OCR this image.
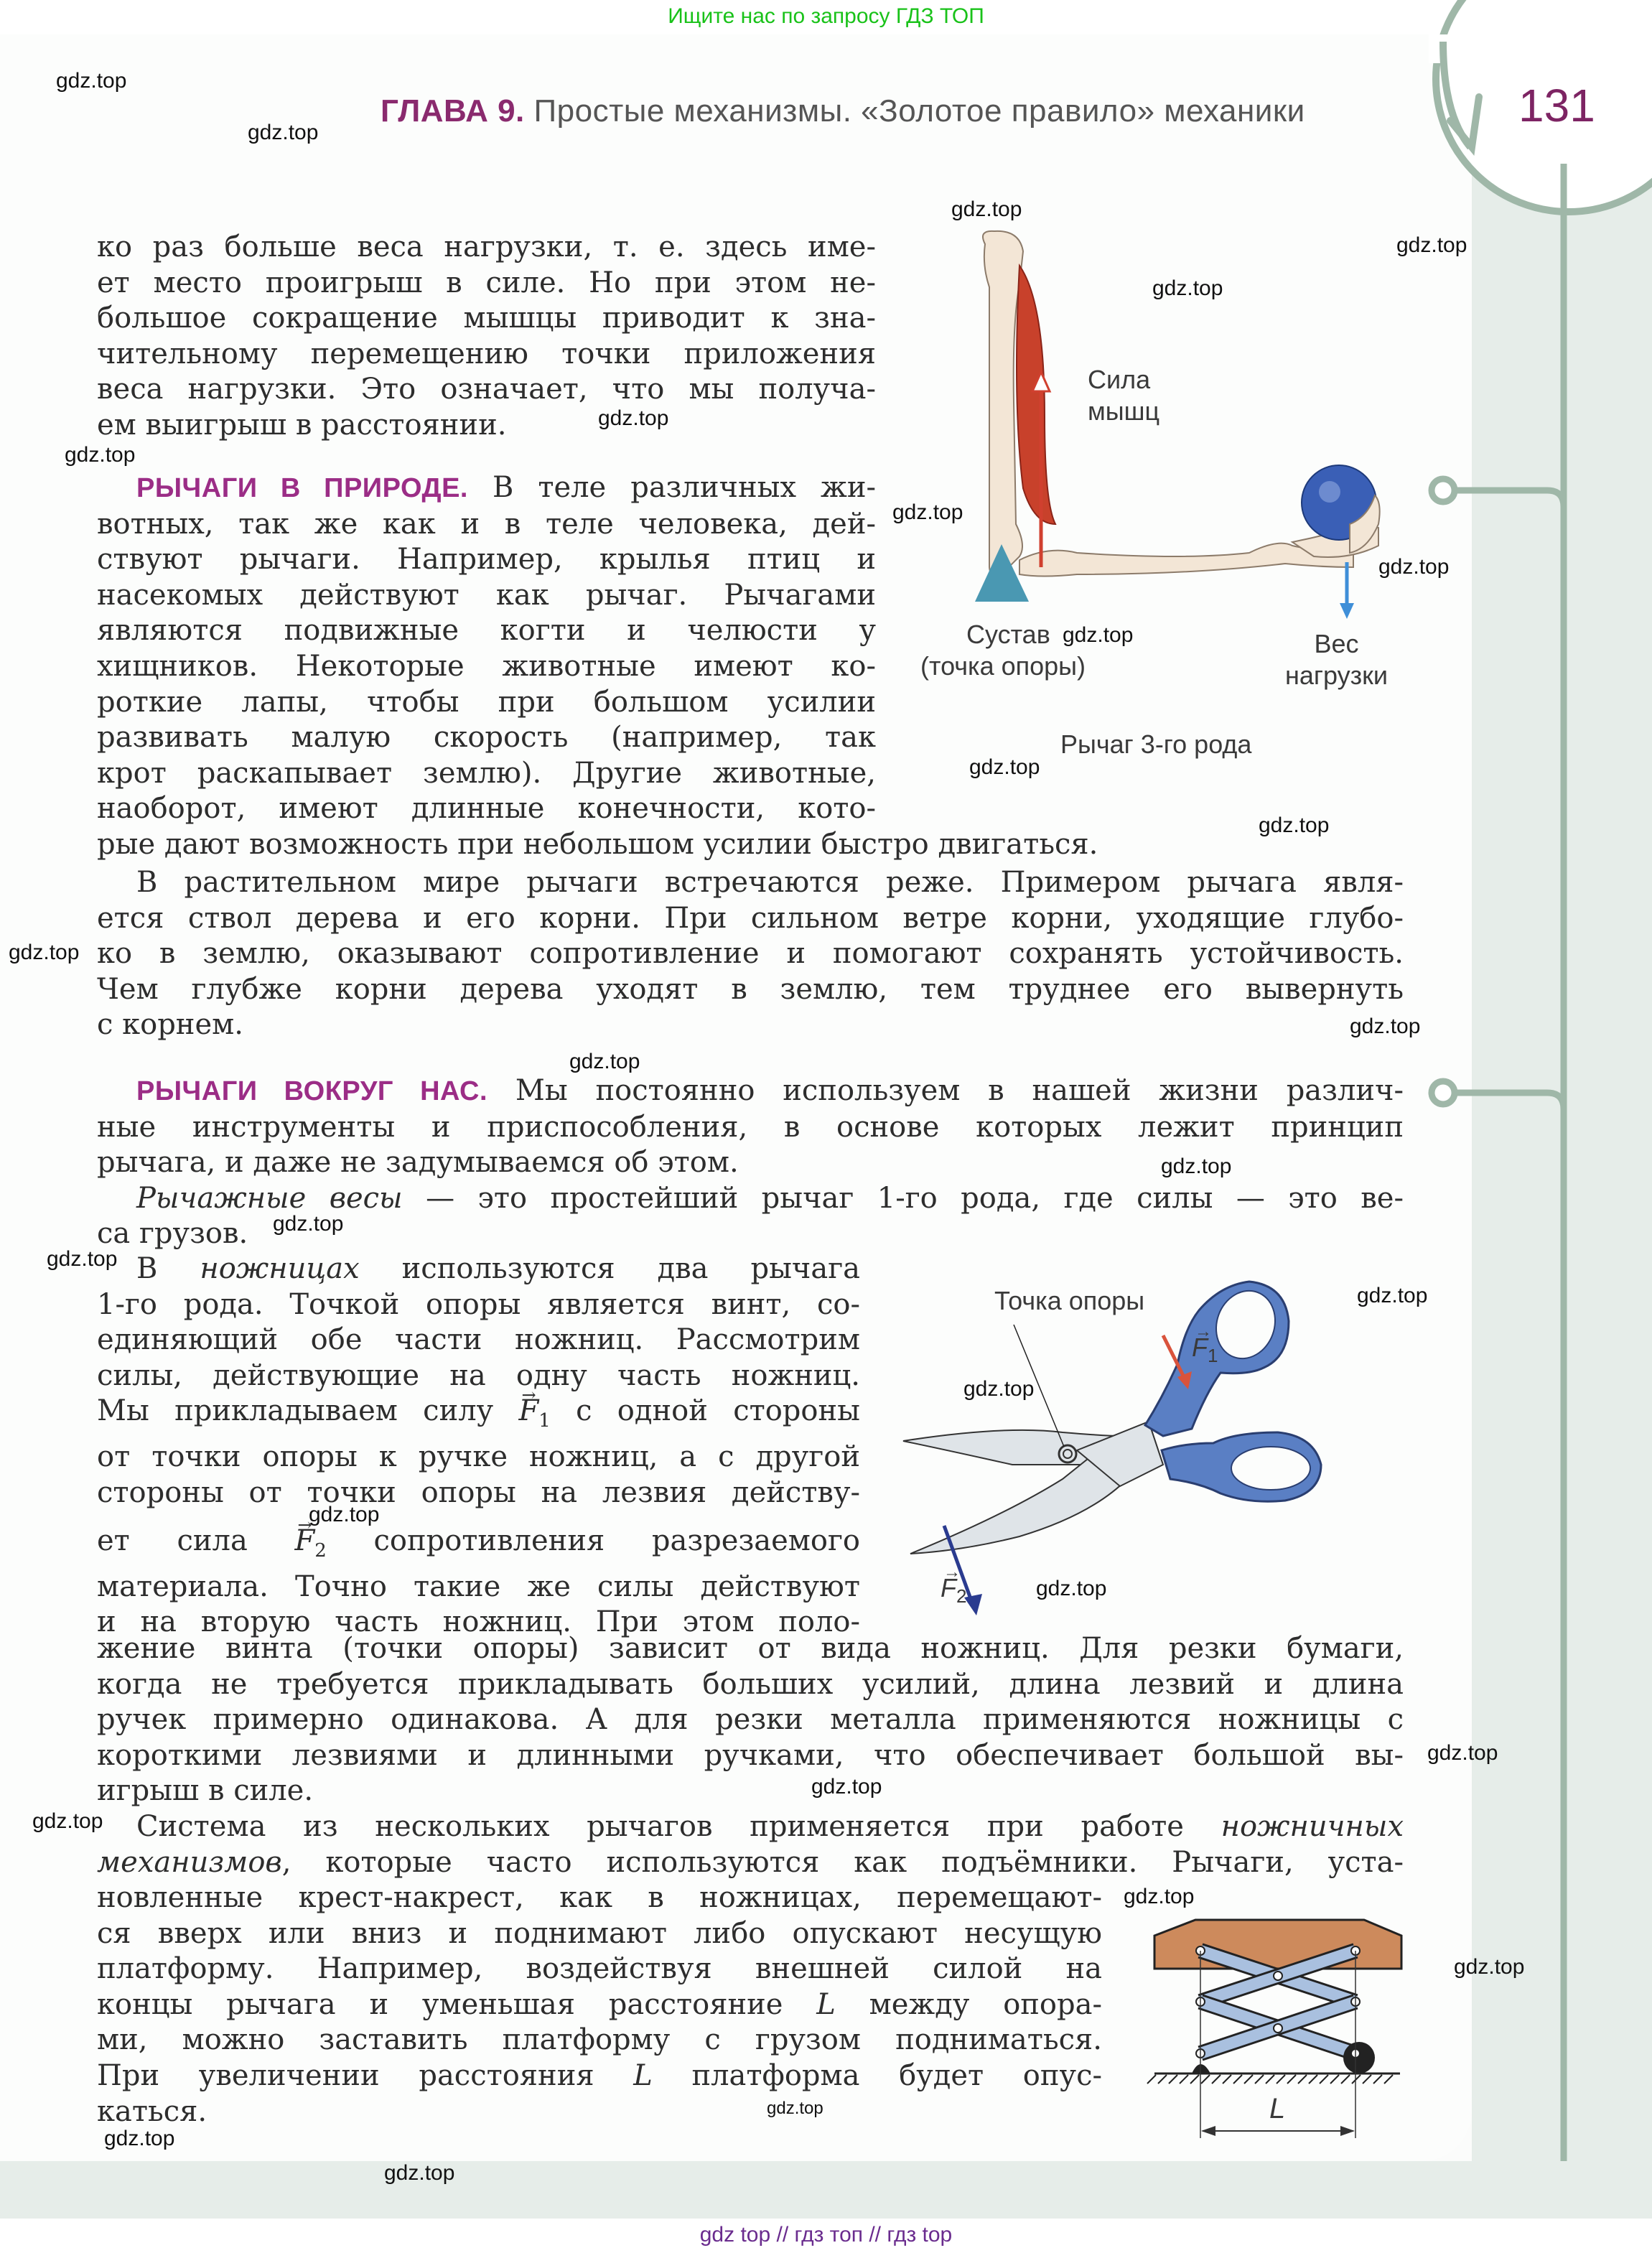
Ищите нас по запросу ГДЗ ТОП
131
ГЛАВА 9. Простые механизмы. «Золотое правило» механики
ко раз больше веса нагрузки, т. е. здесь име-
ет место проигрыш в силе. Но при этом не-
большое сокращение мышцы приводит к зна-
чительному перемещению точки приложения
веса нагрузки. Это означает, что мы получа-
ем выигрыш в расстоянии.
РЫЧАГИ В ПРИРОДЕ. В теле различных жи-
вотных, так же как и в теле человека, дей-
ствуют рычаги. Например, крылья птиц и
насекомых действуют как рычаг. Рычагами
являются подвижные когти и челюсти у
хищников. Некоторые животные имеют ко-
роткие лапы, чтобы при большом усилии
развивать малую скорость (например, так
крот раскапывает землю). Другие животные,
наоборот, имеют длинные конечности, кото-
рые дают возможность при небольшом усилии быстро двигаться.
В растительном мире рычаги встречаются реже. Примером рычага явля-
ется ствол дерева и его корни. При сильном ветре корни, уходящие глубо-
ко в землю, оказывают сопротивление и помогают сохранять устойчивость.
Чем глубже корни дерева уходят в землю, тем труднее его вывернуть
с корнем.
РЫЧАГИ ВОКРУГ НАС. Мы постоянно используем в нашей жизни различ-
ные инструменты и приспособления, в основе которых лежит принцип
рычага, и даже не задумываемся об этом.
Рычажные весы — это простейший рычаг 1-го рода, где силы — это ве-
са грузов.
В ножницах используются два рычага
1-го рода. Точкой опоры является винт, со-
единяющий обе части ножниц. Рассмотрим
силы, действующие на одну часть ножниц.
Мы прикладываем силу → $F_1$ с одной стороны
от точки опоры к ручке ножниц, а с другой
стороны от точки опоры на лезвия действу-
ет сила → $F_2$ сопротивления разрезаемого
материала. Точно такие же силы действуют
и на вторую часть ножниц. При этом поло-
жение винта (точки опоры) зависит от вида ножниц. Для резки бумаги,
когда не требуется прикладывать больших усилий, длина лезвий и длина
ручек примерно одинакова. А для резки металла применяются ножницы с
короткими лезвиями и длинными ручками, что обеспечивает большой вы-
игрыш в силе.
Система из нескольких рычагов применяется при работе ножничных
механизмов, которые часто используются как подъёмники. Рычаги, уста-
новленные крест-накрест, как в ножницах, перемещают-
ся вверх или вниз и поднимают либо опускают несущую
платформу. Например, воздействуя внешней силой на
концы рычага и уменьшая расстояние L между опора-
ми, можно заставить платформу с грузом подниматься.
При увеличении расстояния L платформа будет опус-
каться.
Сила
мышц
Сустав
(точка опоры)
Вес
нагрузки
Рычаг 3-го рода
Точка опоры
→ $F_1$
→ $F_2$
L
gdz.top
gdz.top
gdz.top
gdz.top
gdz.top
gdz.top
gdz.top
gdz.top
gdz.top
gdz.top
gdz.top
gdz.top
gdz.top
gdz.top
gdz.top
gdz.top
gdz.top
gdz.top
gdz.top
gdz.top
gdz.top
gdz.top
gdz.top
gdz.top
gdz.top
gdz.top
gdz.top
gdz.top
gdz.top
gdz.top
gdz top // гдз топ // гдз top
